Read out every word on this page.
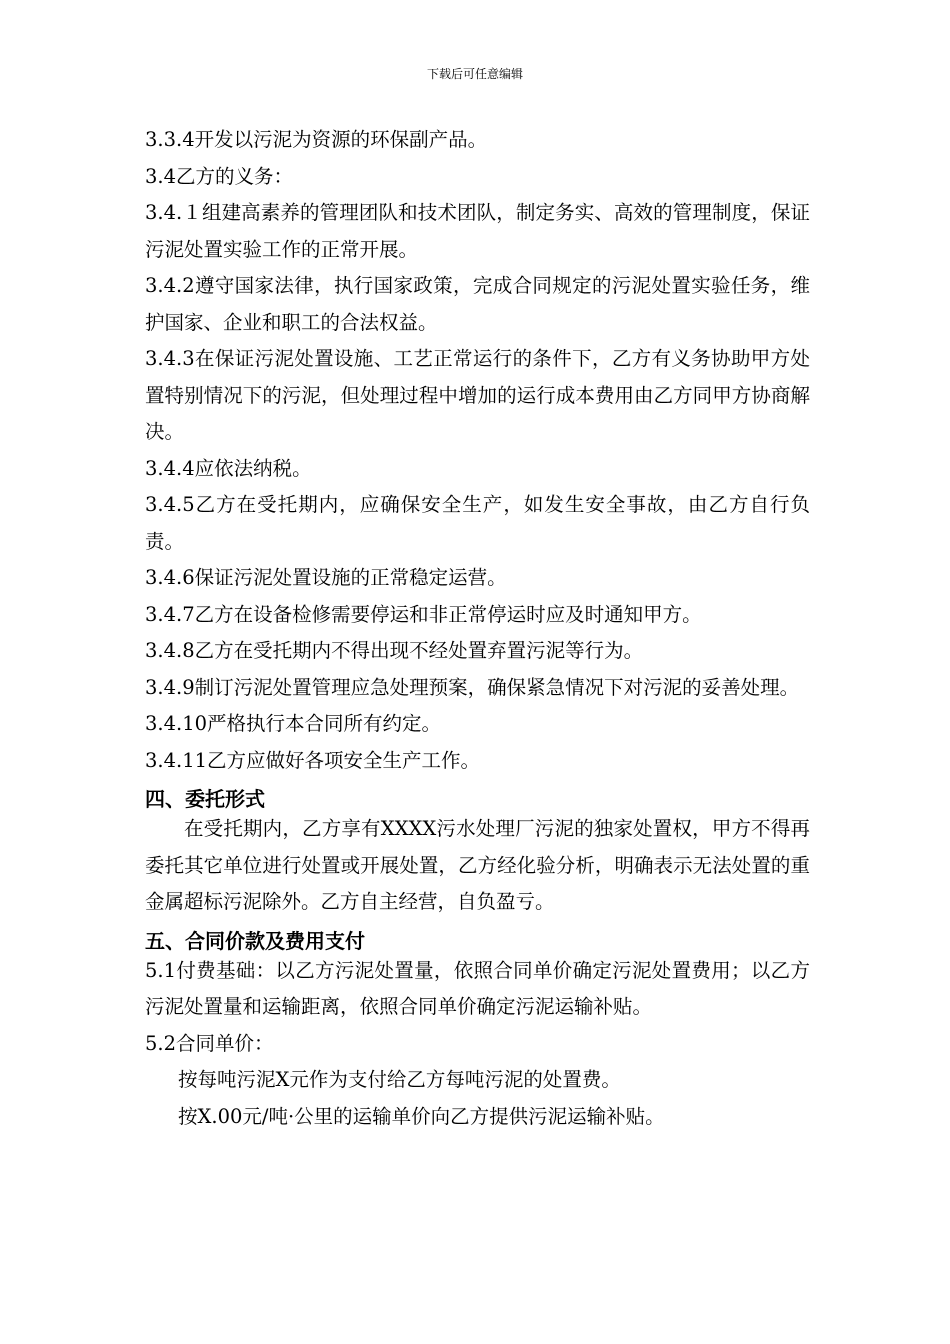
下载后可任意编辑

3.3.4开发以污泥为资源的环保副产品。

3.4乙方的义务：

3.4.１组建高素养的管理团队和技术团队，制定务实、高效的管理制度，保证污泥处置实验工作的正常开展。

3.4.2遵守国家法律，执行国家政策，完成合同规定的污泥处置实验任务，维护国家、企业和职工的合法权益。

3.4.3在保证污泥处置设施、工艺正常运行的条件下，乙方有义务协助甲方处置特别情况下的污泥，但处理过程中增加的运行成本费用由乙方同甲方协商解决。

3.4.4应依法纳税。

3.4.5乙方在受托期内，应确保安全生产，如发生安全事故，由乙方自行负责。

3.4.6保证污泥处置设施的正常稳定运营。

3.4.7乙方在设备检修需要停运和非正常停运时应及时通知甲方。

3.4.8乙方在受托期内不得出现不经处置弃置污泥等行为。

3.4.9制订污泥处置管理应急处理预案，确保紧急情况下对污泥的妥善处理。

3.4.10严格执行本合同所有约定。

3.4.11乙方应做好各项安全生产工作。

四、委托形式

在受托期内，乙方享有XXXX污水处理厂污泥的独家处置权，甲方不得再委托其它单位进行处置或开展处置，乙方经化验分析，明确表示无法处置的重金属超标污泥除外。乙方自主经营，自负盈亏。

五、合同价款及费用支付

5.1付费基础：以乙方污泥处置量，依照合同单价确定污泥处置费用；以乙方污泥处置量和运输距离，依照合同单价确定污泥运输补贴。

5.2合同单价：

按每吨污泥X元作为支付给乙方每吨污泥的处置费。

按X.00元/吨·公里的运输单价向乙方提供污泥运输补贴。
